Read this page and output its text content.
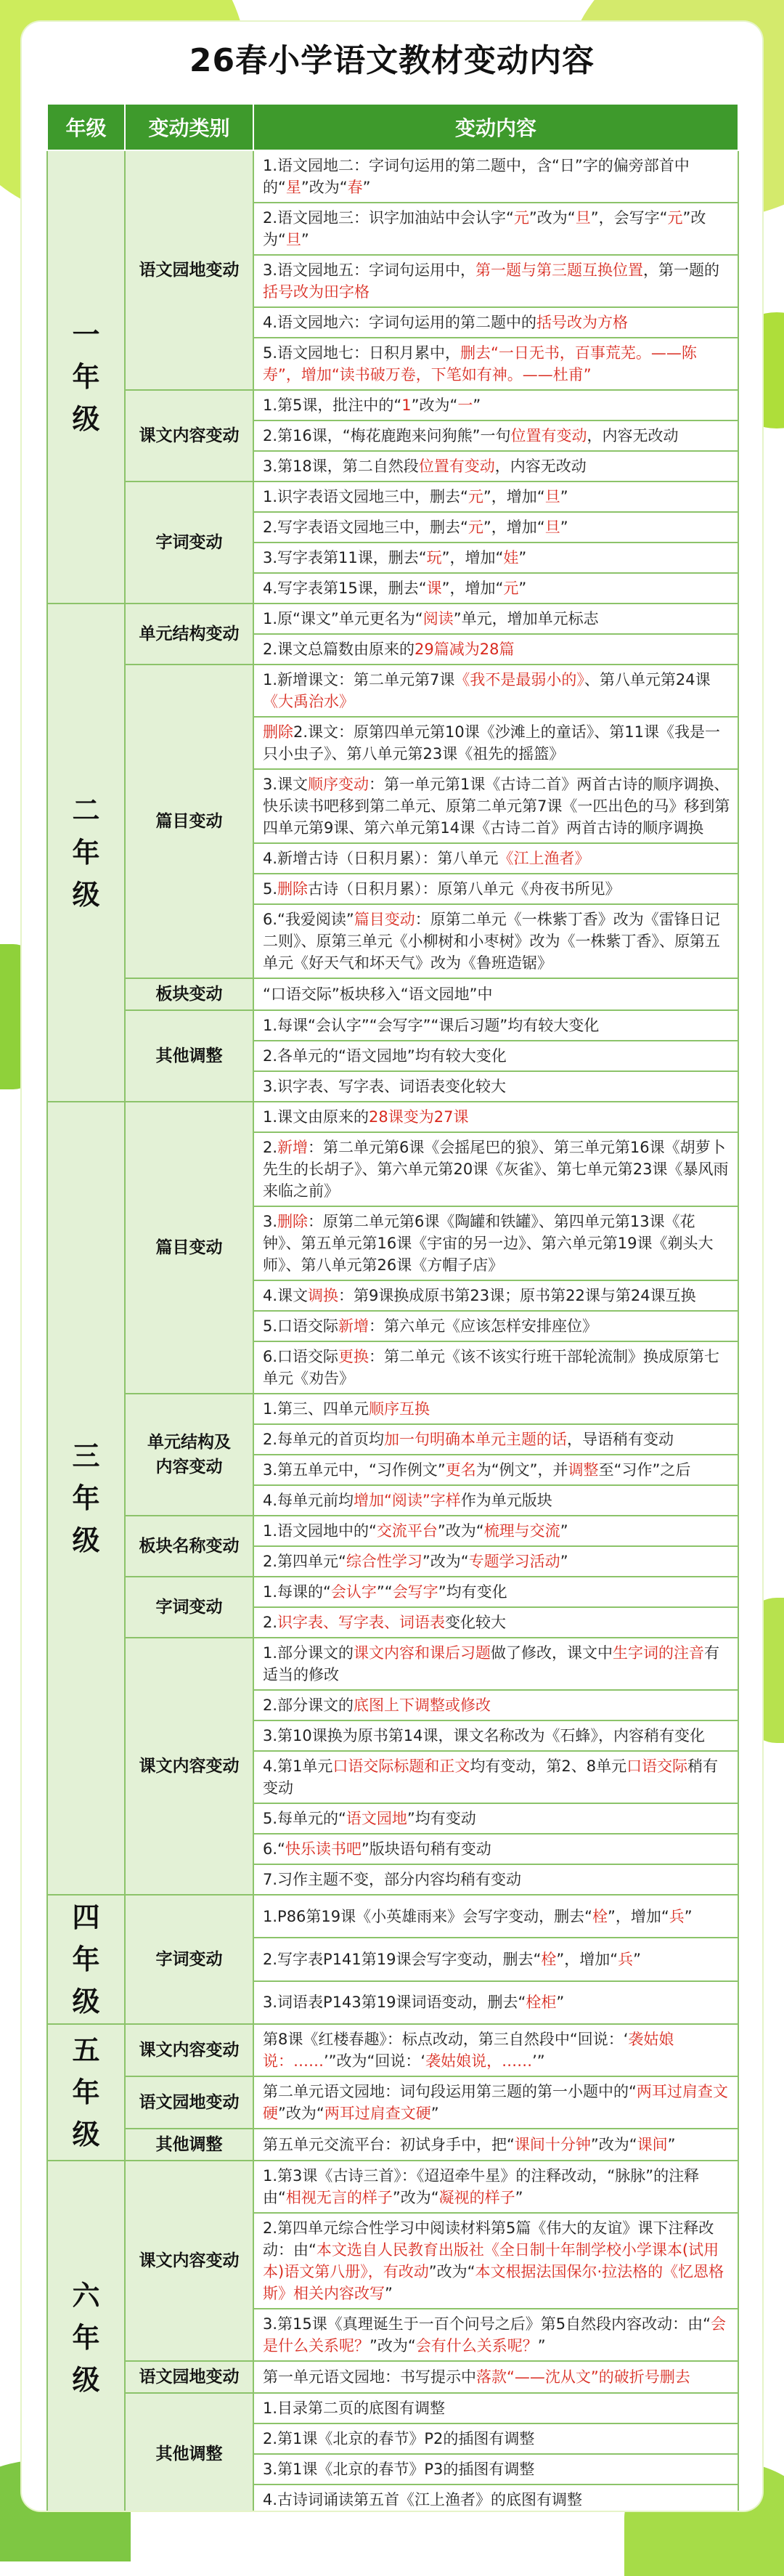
26春小学语文教材变动内容
年级	变动类别	变动内容
一
年
级	语文园地变动	1.语文园地二：字词句运用的第二题中，含“日”字的偏旁部首中的“星”改为“春”
		2.语文园地三：识字加油站中会认字“元”改为“旦”，会写字“元”改为“旦”
		3.语文园地五：字词句运用中，第一题与第三题互换位置，第一题的括号改为田字格
		4.语文园地六：字词句运用的第二题中的括号改为方格
		5.语文园地七：日积月累中，删去“一日无书，百事荒芜。——陈寿”，增加“读书破万卷，下笔如有神。——杜甫”
	课文内容变动	1.第5课，批注中的“1”改为“一”
		2.第16课，“梅花鹿跑来问狗熊”一句位置有变动，内容无改动
		3.第18课，第二自然段位置有变动，内容无改动
	字词变动	1.识字表语文园地三中，删去“元”，增加“旦”
		2.写字表语文园地三中，删去“元”，增加“旦”
		3.写字表第11课，删去“玩”，增加“娃”
		4.写字表第15课，删去“课”，增加“元”
二
年
级	单元结构变动	1.原“课文”单元更名为“阅读”单元，增加单元标志
		2.课文总篇数由原来的29篇减为28篇
	篇目变动	1.新增课文：第二单元第7课《我不是最弱小的》、第八单元第24课《大禹治水》
		删除2.课文：原第四单元第10课《沙滩上的童话》、第11课《我是一只小虫子》、第八单元第23课《祖先的摇篮》
		3.课文顺序变动：第一单元第1课《古诗二首》两首古诗的顺序调换、快乐读书吧移到第二单元、原第二单元第7课《一匹出色的马》移到第四单元第9课、第六单元第14课《古诗二首》两首古诗的顺序调换
		4.新增古诗（日积月累）：第八单元《江上渔者》
		5.删除古诗（日积月累）：原第八单元《舟夜书所见》
		6.“我爱阅读”篇目变动：原第二单元《一株紫丁香》改为《雷锋日记二则》、原第三单元《小柳树和小枣树》改为《一株紫丁香》、原第五单元《好天气和坏天气》改为《鲁班造锯》
	板块变动	“口语交际”板块移入“语文园地”中
	其他调整	1.每课“会认字”“会写字”“课后习题”均有较大变化
		2.各单元的“语文园地”均有较大变化
		3.识字表、写字表、词语表变化较大
三
年
级	篇目变动	1.课文由原来的28课变为27课
		2.新增：第二单元第6课《会摇尾巴的狼》、第三单元第16课《胡萝卜先生的长胡子》、第六单元第20课《灰雀》、第七单元第23课《暴风雨来临之前》
		3.删除：原第二单元第6课《陶罐和铁罐》、第四单元第13课《花钟》、第五单元第16课《宇宙的另一边》、第六单元第19课《剃头大师》、第八单元第26课《方帽子店》
		4.课文调换：第9课换成原书第23课；原书第22课与第24课互换
		5.口语交际新增：第六单元《应该怎样安排座位》
		6.口语交际更换：第二单元《该不该实行班干部轮流制》换成原第七单元《劝告》
	单元结构及
内容变动	1.第三、四单元顺序互换
		2.每单元的首页均加一句明确本单元主题的话，导语稍有变动
		3.第五单元中，“习作例文”更名为“例文”，并调整至“习作”之后
		4.每单元前均增加“阅读”字样作为单元版块
	板块名称变动	1.语文园地中的“交流平台”改为“梳理与交流”
		2.第四单元“综合性学习”改为“专题学习活动”
	字词变动	1.每课的“会认字”“会写字”均有变化
		2.识字表、写字表、词语表变化较大
	课文内容变动	1.部分课文的课文内容和课后习题做了修改，课文中生字词的注音有适当的修改
		2.部分课文的底图上下调整或修改
		3.第10课换为原书第14课，课文名称改为《石蜂》，内容稍有变化
		4.第1单元口语交际标题和正文均有变动，第2、8单元口语交际稍有变动
		5.每单元的“语文园地”均有变动
		6.“快乐读书吧”版块语句稍有变动
		7.习作主题不变，部分内容均稍有变动
四
年
级	字词变动	1.P86第19课《小英雄雨来》会写字变动，删去“栓”，增加“兵”
		2.写字表P141第19课会写字变动，删去“栓”，增加“兵”
		3.词语表P143第19课词语变动，删去“栓柜”
五
年
级	课文内容变动	第8课《红楼春趣》：标点改动，第三自然段中“回说：‘袭姑娘说：……’”改为“回说：‘袭姑娘说，……’”
	语文园地变动	第二单元语文园地：词句段运用第三题的第一小题中的“两耳过肩查文硬”改为“两耳过肩查文硬”
	其他调整	第五单元交流平台：初试身手中，把“课间十分钟”改为“课间”
六
年
级	课文内容变动	1.第3课《古诗三首》：《迢迢牵牛星》的注释改动，“脉脉”的注释由“相视无言的样子”改为“凝视的样子”
		2.第四单元综合性学习中阅读材料第5篇《伟大的友谊》课下注释改动：由“本文选自人民教育出版社《全日制十年制学校小学课本(试用本)语文第八册》，有改动”改为“本文根据法国保尔·拉法格的《忆恩格斯》相关内容改写”
		3.第15课《真理诞生于一百个问号之后》第5自然段内容改动：由“会是什么关系呢？”改为“会有什么关系呢？”
	语文园地变动	第一单元语文园地：书写提示中落款“——沈从文”的破折号删去
	其他调整	1.目录第二页的底图有调整
		2.第1课《北京的春节》P2的插图有调整
		3.第1课《北京的春节》P3的插图有调整
		4.古诗词诵读第五首《江上渔者》的底图有调整
